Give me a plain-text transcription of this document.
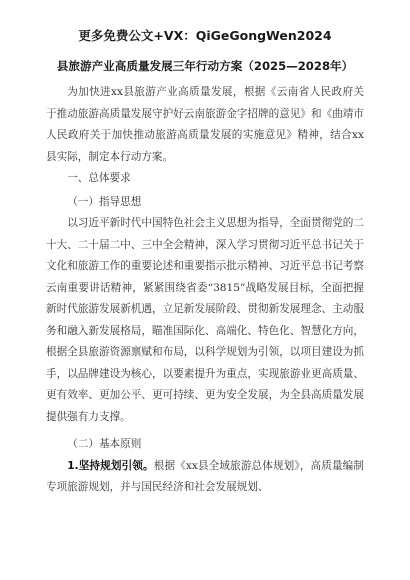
更多免费公文+VX：QiGeGongWen2024
县旅游产业高质量发展三年行动方案（2025—2028年）

为加快进xx县旅游产业高质量发展，根据《云南省人民政府关于推动旅游高质量发展守护好云南旅游金字招牌的意见》和《曲靖市人民政府关于加快推动旅游高质量发展的实施意见》精神，结合xx县实际，制定本行动方案。

一、总体要求

（一）指导思想

以习近平新时代中国特色社会主义思想为指导，全面贯彻党的二十大、二十届二中、三中全会精神，深入学习贯彻习近平总书记关于文化和旅游工作的重要论述和重要指示批示精神、习近平总书记考察云南重要讲话精神，紧紧围绕省委“3815”战略发展目标，全面把握新时代旅游发展新机遇，立足新发展阶段、贯彻新发展理念、主动服务和融入新发展格局，瞄准国际化、高端化、特色化、智慧化方向，根据全县旅游资源禀赋和布局，以科学规划为引领，以项目建设为抓手，以品牌建设为核心，以要素提升为重点，实现旅游业更高质量、更有效率、更加公平、更可持续、更为安全发展，为全县高质量发展提供强有力支撑。

（二）基本原则

1.坚持规划引领。根据《xx县全域旅游总体规划》，高质量编制专项旅游规划，并与国民经济和社会发展规划、
